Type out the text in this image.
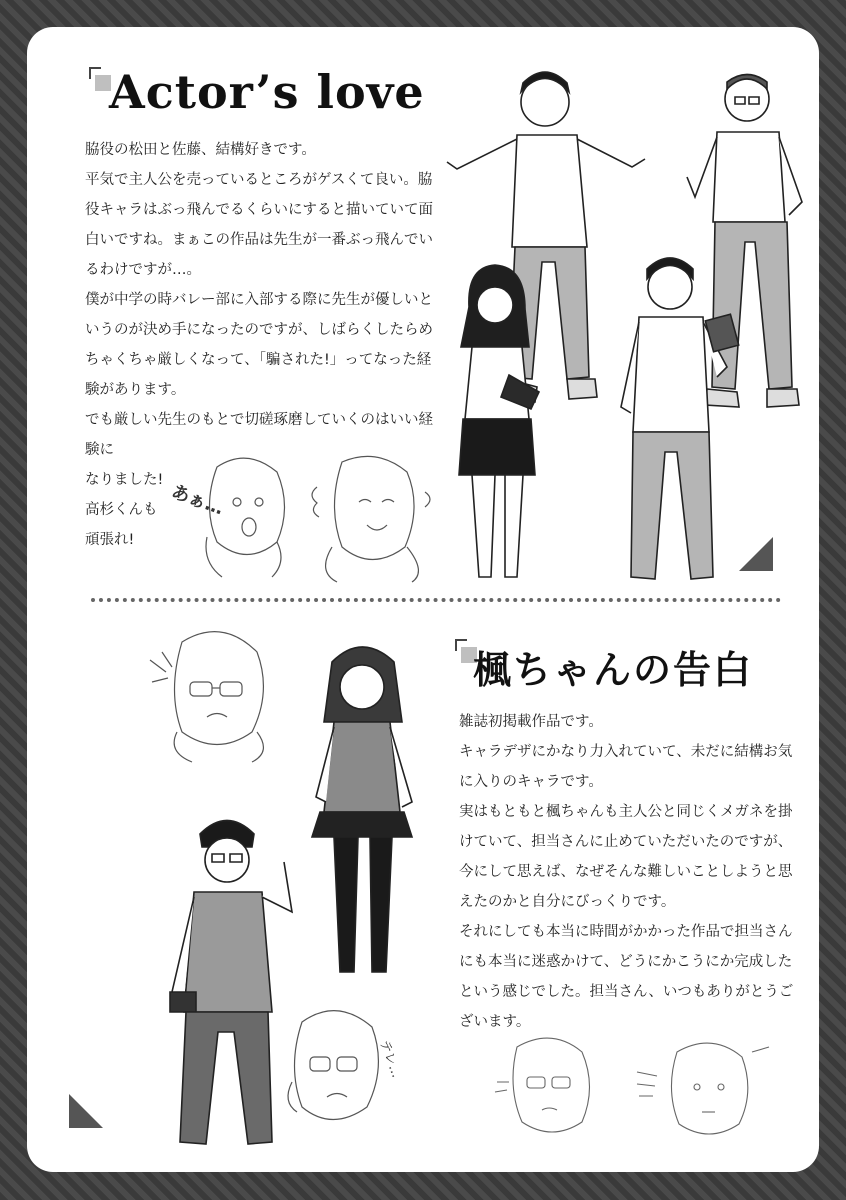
Actor’s love

脇役の松田と佐藤、結構好きです。

平気で主人公を売っているところがゲスくて良い。脇役キャラはぶっ飛んでるくらいにすると描いていて面白いですね。まぁこの作品は先生が一番ぶっ飛んでいるわけですが…。

僕が中学の時バレー部に入部する際に先生が優しいというのが決め手になったのですが、しばらくしたらめちゃくちゃ厳しくなって、「騙された!」ってなった経験があります。

でも厳しい先生のもとで切磋琢磨していくのはいい経験に

なりました!

高杉くんも

頑張れ!

あぁ…
楓ちゃんの告白

雑誌初掲載作品です。

キャラデザにかなり力入れていて、未だに結構お気に入りのキャラです。

実はもともと楓ちゃんも主人公と同じくメガネを掛けていて、担当さんに止めていただいたのですが、今にして思えば、なぜそんな難しいことしようと思えたのかと自分にびっくりです。

それにしても本当に時間がかかった作品で担当さんにも本当に迷惑かけて、どうにかこうにか完成したという感じでした。担当さん、いつもありがとうございます。

テレ…
